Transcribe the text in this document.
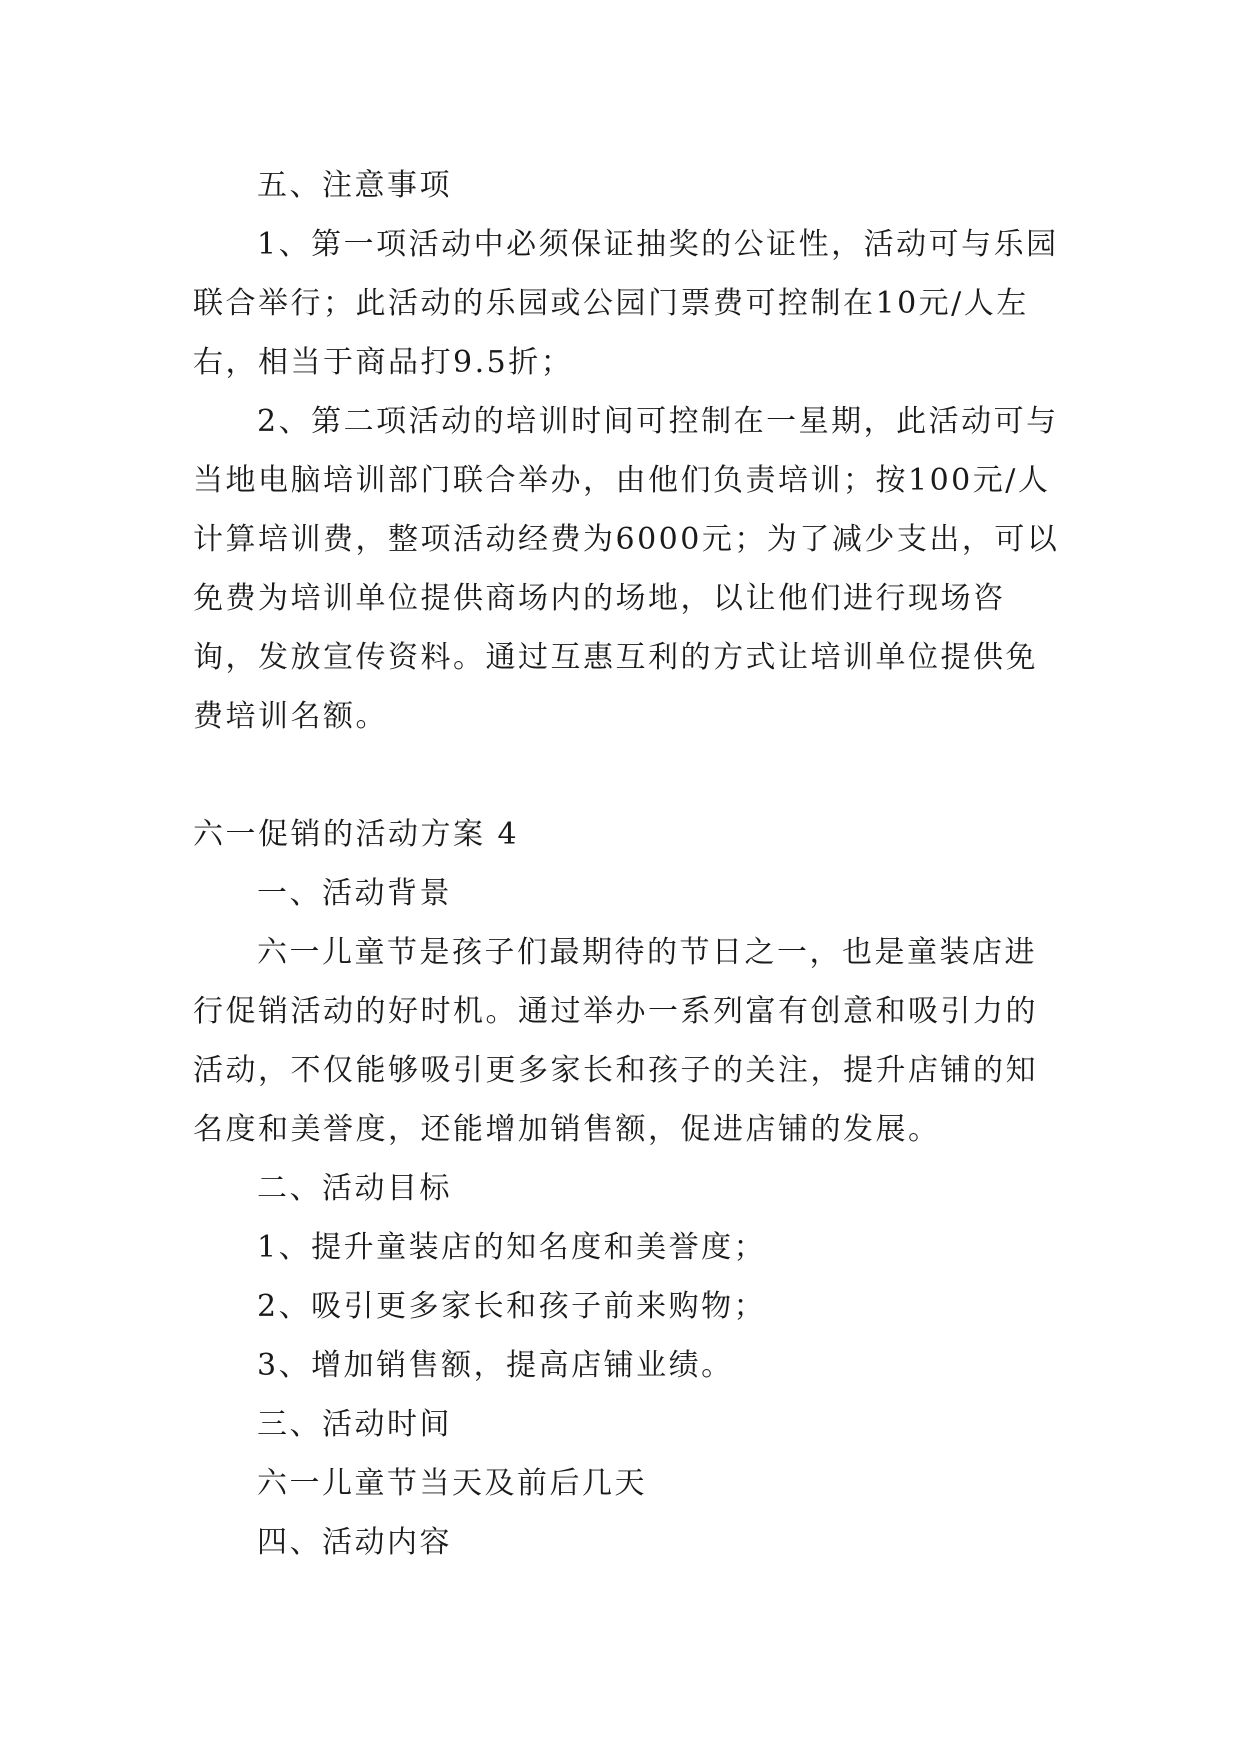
五、注意事项

1、第一项活动中必须保证抽奖的公证性，活动可与乐园联合举行；此活动的乐园或公园门票费可控制在10元/人左右，相当于商品打9.5折；

2、第二项活动的培训时间可控制在一星期，此活动可与当地电脑培训部门联合举办，由他们负责培训；按100元/人计算培训费，整项活动经费为6000元；为了减少支出，可以免费为培训单位提供商场内的场地，以让他们进行现场咨询，发放宣传资料。通过互惠互利的方式让培训单位提供免费培训名额。

六一促销的活动方案 4

一、活动背景

六一儿童节是孩子们最期待的节日之一，也是童装店进行促销活动的好时机。通过举办一系列富有创意和吸引力的活动，不仅能够吸引更多家长和孩子的关注，提升店铺的知名度和美誉度，还能增加销售额，促进店铺的发展。

二、活动目标

1、提升童装店的知名度和美誉度；

2、吸引更多家长和孩子前来购物；

3、增加销售额，提高店铺业绩。

三、活动时间

六一儿童节当天及前后几天

四、活动内容
